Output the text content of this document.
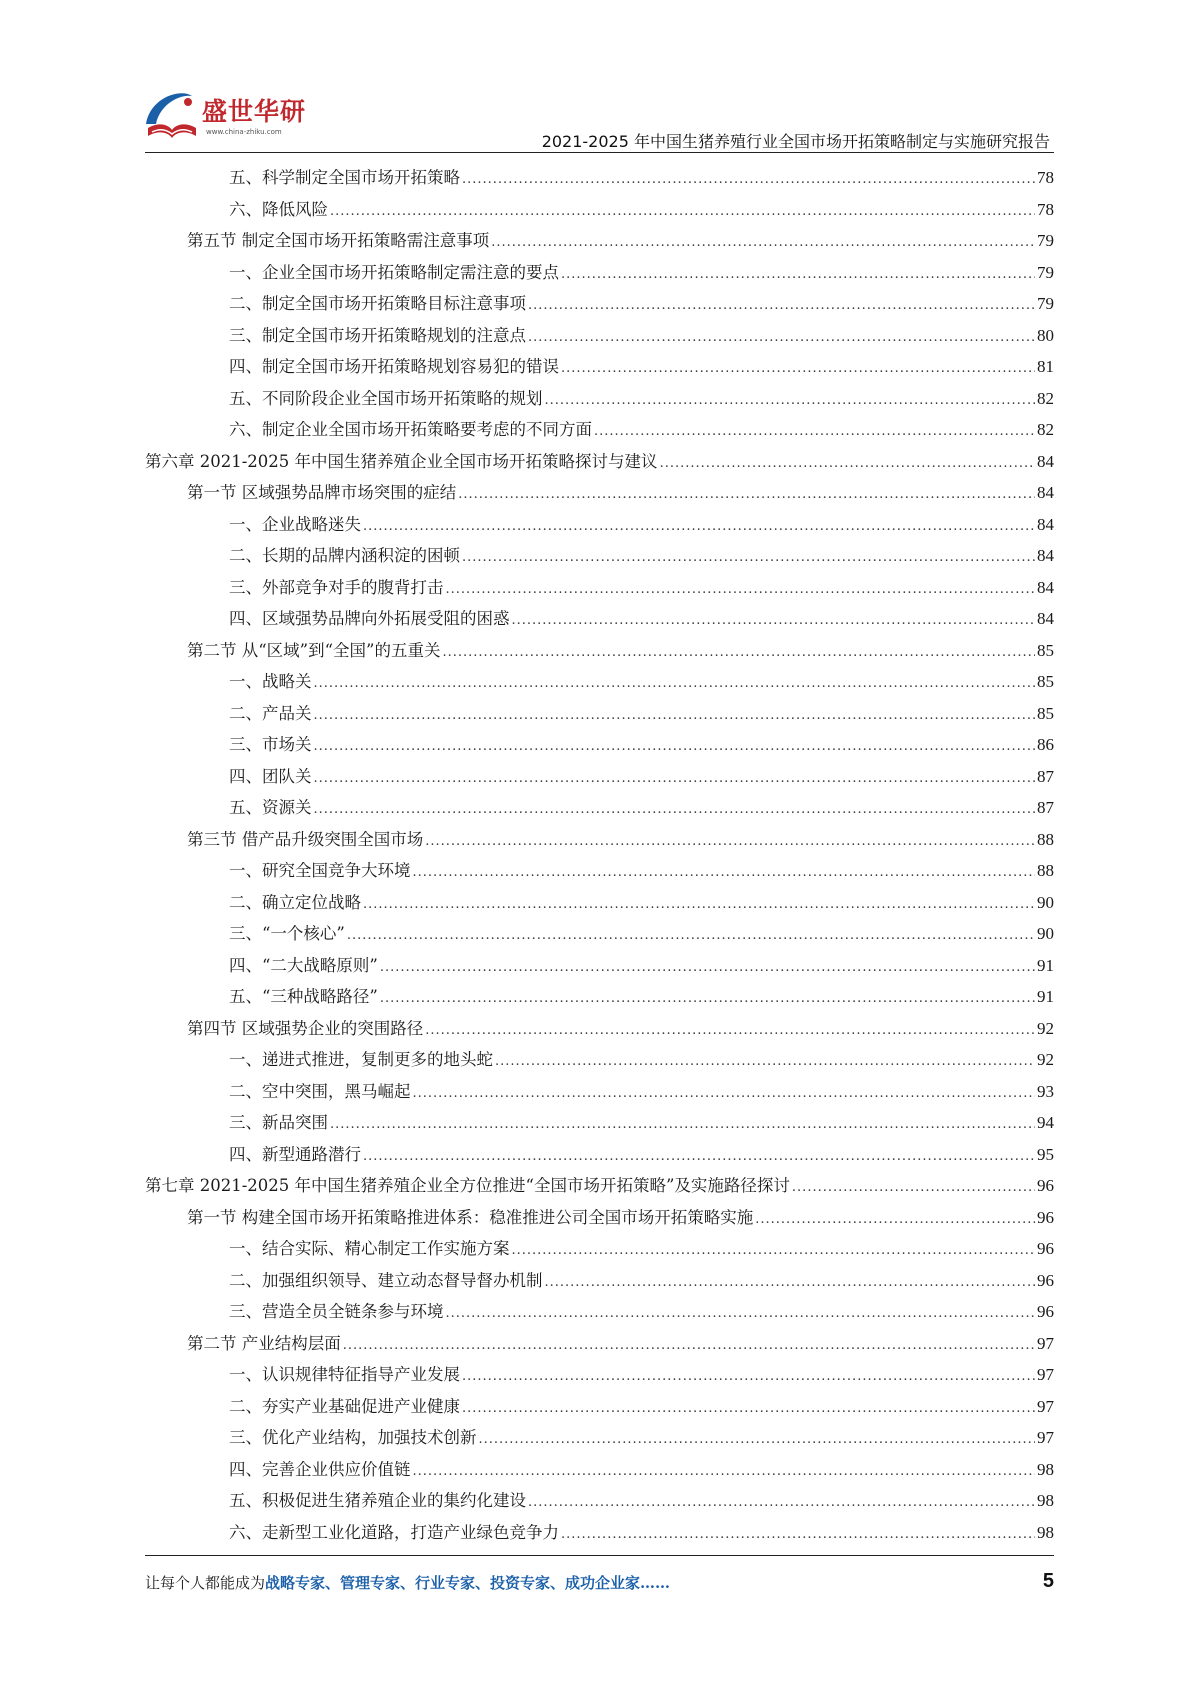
盛世华研
www.china-zhiku.com	2021-2025 年中国生猪养殖行业全国市场开拓策略制定与实施研究报告
五、科学制定全国市场开拓策略 .....	78
六、降低风险 .....	78
第五节 制定全国市场开拓策略需注意事项 .....	79
一、企业全国市场开拓策略制定需注意的要点 .....	79
二、制定全国市场开拓策略目标注意事项 .....	79
三、制定全国市场开拓策略规划的注意点 .....	80
四、制定全国市场开拓策略规划容易犯的错误 .....	81
五、不同阶段企业全国市场开拓策略的规划 .....	82
六、制定企业全国市场开拓策略要考虑的不同方面 .....	82
第六章 2021-2025 年中国生猪养殖企业全国市场开拓策略探讨与建议 .....	84
第一节 区域强势品牌市场突围的症结 .....	84
一、企业战略迷失 .....	84
二、长期的品牌内涵积淀的困顿 .....	84
三、外部竞争对手的腹背打击 .....	84
四、区域强势品牌向外拓展受阻的困惑 .....	84
第二节 从“区域”到“全国”的五重关 .....	85
一、战略关 .....	85
二、产品关 .....	85
三、市场关 .....	86
四、团队关 .....	87
五、资源关 .....	87
第三节 借产品升级突围全国市场 .....	88
一、研究全国竞争大环境 .....	88
二、确立定位战略 .....	90
三、“一个核心” .....	90
四、“二大战略原则” .....	91
五、“三种战略路径” .....	91
第四节 区域强势企业的突围路径 .....	92
一、递进式推进，复制更多的地头蛇 .....	92
二、空中突围，黑马崛起 .....	93
三、新品突围 .....	94
四、新型通路潜行 .....	95
第七章 2021-2025 年中国生猪养殖企业全方位推进“全国市场开拓策略”及实施路径探讨 .....	96
第一节 构建全国市场开拓策略推进体系：稳准推进公司全国市场开拓策略实施 .....	96
一、结合实际、精心制定工作实施方案 .....	96
二、加强组织领导、建立动态督导督办机制 .....	96
三、营造全员全链条参与环境 .....	96
第二节 产业结构层面 .....	97
一、认识规律特征指导产业发展 .....	97
二、夯实产业基础促进产业健康 .....	97
三、优化产业结构，加强技术创新 .....	97
四、完善企业供应价值链 .....	98
五、积极促进生猪养殖企业的集约化建设 .....	98
六、走新型工业化道路，打造产业绿色竞争力 .....	98
让每个人都能成为战略专家、管理专家、行业专家、投资专家、成功企业家……	5
